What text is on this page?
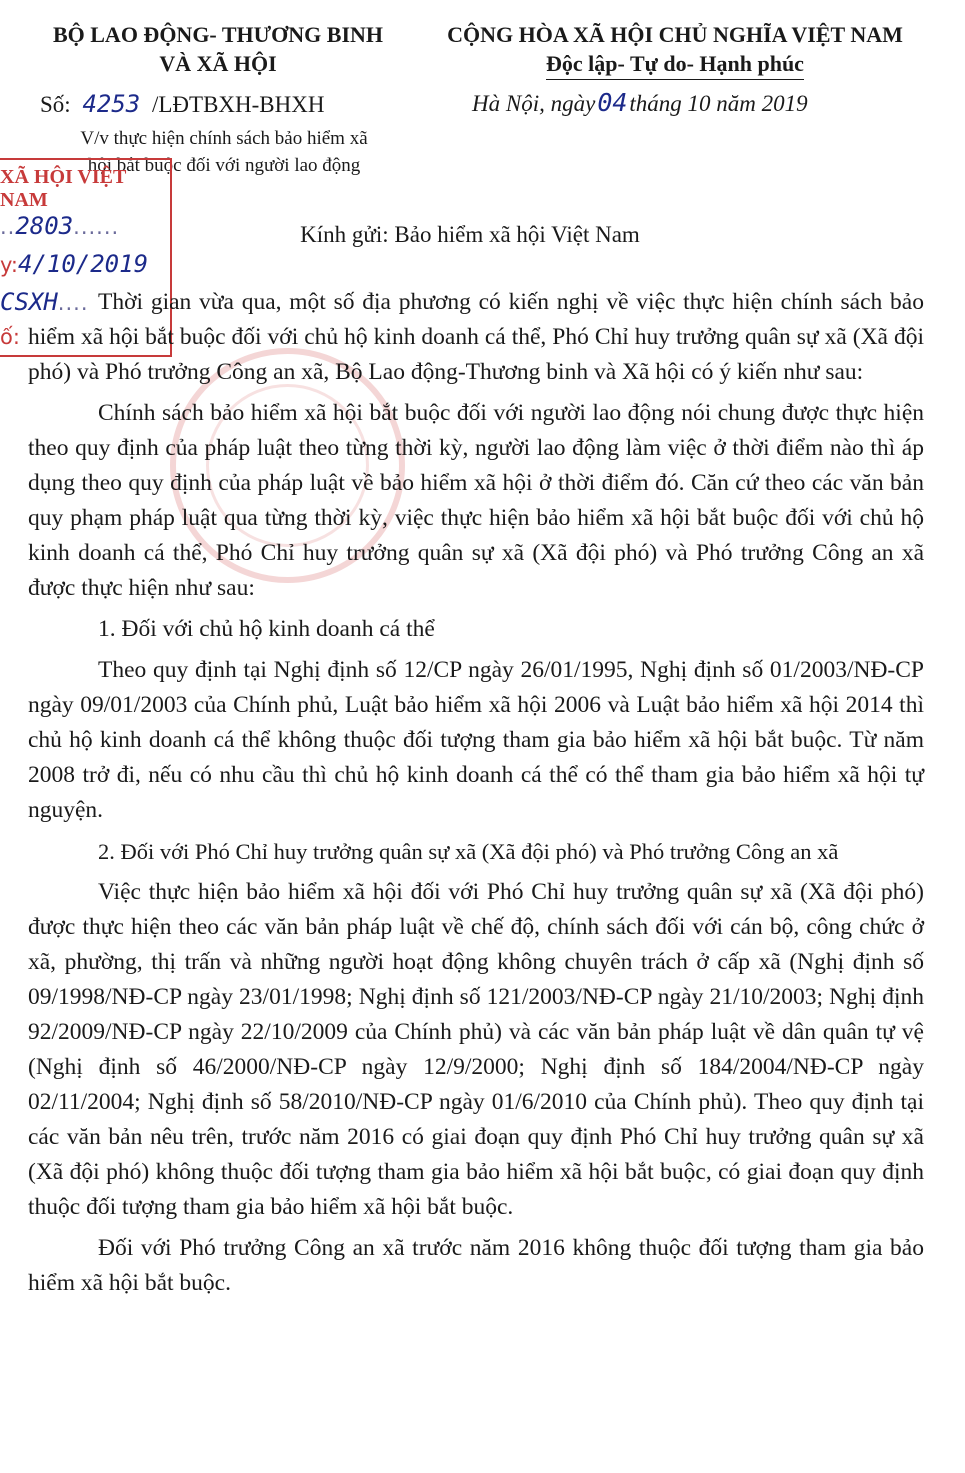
BỘ LAO ĐỘNG- THƯƠNG BINH
VÀ XÃ HỘI
CỘNG HÒA XÃ HỘI CHỦ NGHĨA VIỆT NAM
Độc lập- Tự do- Hạnh phúc
Số: 4253 /LĐTBXH-BHXH	Hà Nội, ngày04tháng 10 năm 2019
V/v thực hiện chính sách bảo hiểm xã
hội bắt buộc đối với người lao động
XÃ HỘI VIỆT NAM
..2803......
y:4/10/2019
CSXH....
ố:
Kính gửi: Bảo hiểm xã hội Việt Nam

Thời gian vừa qua, một số địa phương có kiến nghị về việc thực hiện chính sách bảo hiểm xã hội bắt buộc đối với chủ hộ kinh doanh cá thể, Phó Chỉ huy trưởng quân sự xã (Xã đội phó) và Phó trưởng Công an xã, Bộ Lao động-Thương binh và Xã hội có ý kiến như sau:

Chính sách bảo hiểm xã hội bắt buộc đối với người lao động nói chung được thực hiện theo quy định của pháp luật theo từng thời kỳ, người lao động làm việc ở thời điểm nào thì áp dụng theo quy định của pháp luật về bảo hiểm xã hội ở thời điểm đó. Căn cứ theo các văn bản quy phạm pháp luật qua từng thời kỳ, việc thực hiện bảo hiểm xã hội bắt buộc đối với chủ hộ kinh doanh cá thể, Phó Chỉ huy trưởng quân sự xã (Xã đội phó) và Phó trưởng Công an xã được thực hiện như sau:

1. Đối với chủ hộ kinh doanh cá thể

Theo quy định tại Nghị định số 12/CP ngày 26/01/1995, Nghị định số 01/2003/NĐ-CP ngày 09/01/2003 của Chính phủ, Luật bảo hiểm xã hội 2006 và Luật bảo hiểm xã hội 2014 thì chủ hộ kinh doanh cá thể không thuộc đối tượng tham gia bảo hiểm xã hội bắt buộc. Từ năm 2008 trở đi, nếu có nhu cầu thì chủ hộ kinh doanh cá thể có thể tham gia bảo hiểm xã hội tự nguyện.

2. Đối với Phó Chỉ huy trưởng quân sự xã (Xã đội phó) và Phó trưởng Công an xã

Việc thực hiện bảo hiểm xã hội đối với Phó Chỉ huy trưởng quân sự xã (Xã đội phó) được thực hiện theo các văn bản pháp luật về chế độ, chính sách đối với cán bộ, công chức ở xã, phường, thị trấn và những người hoạt động không chuyên trách ở cấp xã (Nghị định số 09/1998/NĐ-CP ngày 23/01/1998; Nghị định số 121/2003/NĐ-CP ngày 21/10/2003; Nghị định 92/2009/NĐ-CP ngày 22/10/2009 của Chính phủ) và các văn bản pháp luật về dân quân tự vệ (Nghị định số 46/2000/NĐ-CP ngày 12/9/2000; Nghị định số 184/2004/NĐ-CP ngày 02/11/2004; Nghị định số 58/2010/NĐ-CP ngày 01/6/2010 của Chính phủ). Theo quy định tại các văn bản nêu trên, trước năm 2016 có giai đoạn quy định Phó Chỉ huy trưởng quân sự xã (Xã đội phó) không thuộc đối tượng tham gia bảo hiểm xã hội bắt buộc, có giai đoạn quy định thuộc đối tượng tham gia bảo hiểm xã hội bắt buộc.

Đối với Phó trưởng Công an xã trước năm 2016 không thuộc đối tượng tham gia bảo hiểm xã hội bắt buộc.
